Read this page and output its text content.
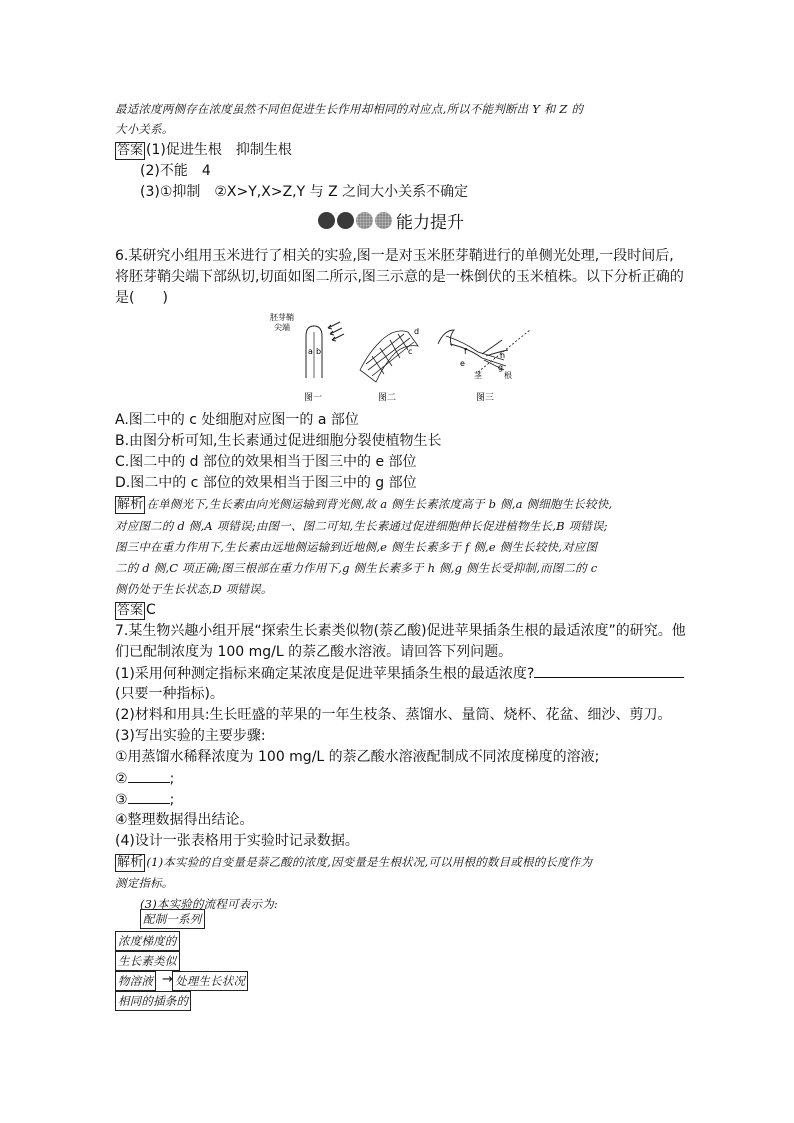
最适浓度两侧存在浓度虽然不同但促进生长作用却相同的对应点,所以不能判断出 Y 和 Z 的
大小关系。
答案 (1)促进生根　抑制生根
(2)不能　4
(3)①抑制　②X>Y,X>Z,Y 与 Z 之间大小关系不确定
能力提升
6.某研究小组用玉米进行了相关的实验,图一是对玉米胚芽鞘进行的单侧光处理,一段时间后,
将胚芽鞘尖端下部纵切,切面如图二所示,图三示意的是一株倒伏的玉米植株。以下分析正确的
是(　　)
胚芽鞘
尖端
a b
d
c	f
e
h
g
茎	根
图一	图二	图三
A.图二中的 c 处细胞对应图一的 a 部位
B.由图分析可知,生长素通过促进细胞分裂使植物生长
C.图二中的 d 部位的效果相当于图三中的 e 部位
D.图二中的 c 部位的效果相当于图三中的 g 部位
解析 在单侧光下,生长素由向光侧运输到背光侧,故 a 侧生长素浓度高于 b 侧,a 侧细胞生长较快,
对应图二的 d 侧,A 项错误;由图一、图二可知,生长素通过促进细胞伸长促进植物生长,B 项错误;
图三中在重力作用下,生长素由远地侧运输到近地侧,e 侧生长素多于 f 侧,e 侧生长较快,对应图
二的 d 侧,C 项正确;图三根部在重力作用下,g 侧生长素多于 h 侧,g 侧生长受抑制,而图二的 c
侧仍处于生长状态,D 项错误。
答案 C
7.某生物兴趣小组开展“探索生长素类似物(萘乙酸)促进苹果插条生根的最适浓度”的研究。他
们已配制浓度为 100 mg/L 的萘乙酸水溶液。请回答下列问题。
(1)采用何种测定指标来确定某浓度是促进苹果插条生根的最适浓度?
(只要一种指标)。
(2)材料和用具:生长旺盛的苹果的一年生枝条、蒸馏水、量筒、烧杯、花盆、细沙、剪刀。
(3)写出实验的主要步骤:
①用蒸馏水稀释浓度为 100 mg/L 的萘乙酸水溶液配制成不同浓度梯度的溶液;
②	;
③	;
④整理数据得出结论。
(4)设计一张表格用于实验时记录数据。
解析 (1)本实验的自变量是萘乙酸的浓度,因变量是生根状况,可以用根的数目或根的长度作为
测定指标。
(3)本实验的流程可表示为:
配制一系列
浓度梯度的
生长素类似
物溶液 → 处理生长状况
相同的插条的
